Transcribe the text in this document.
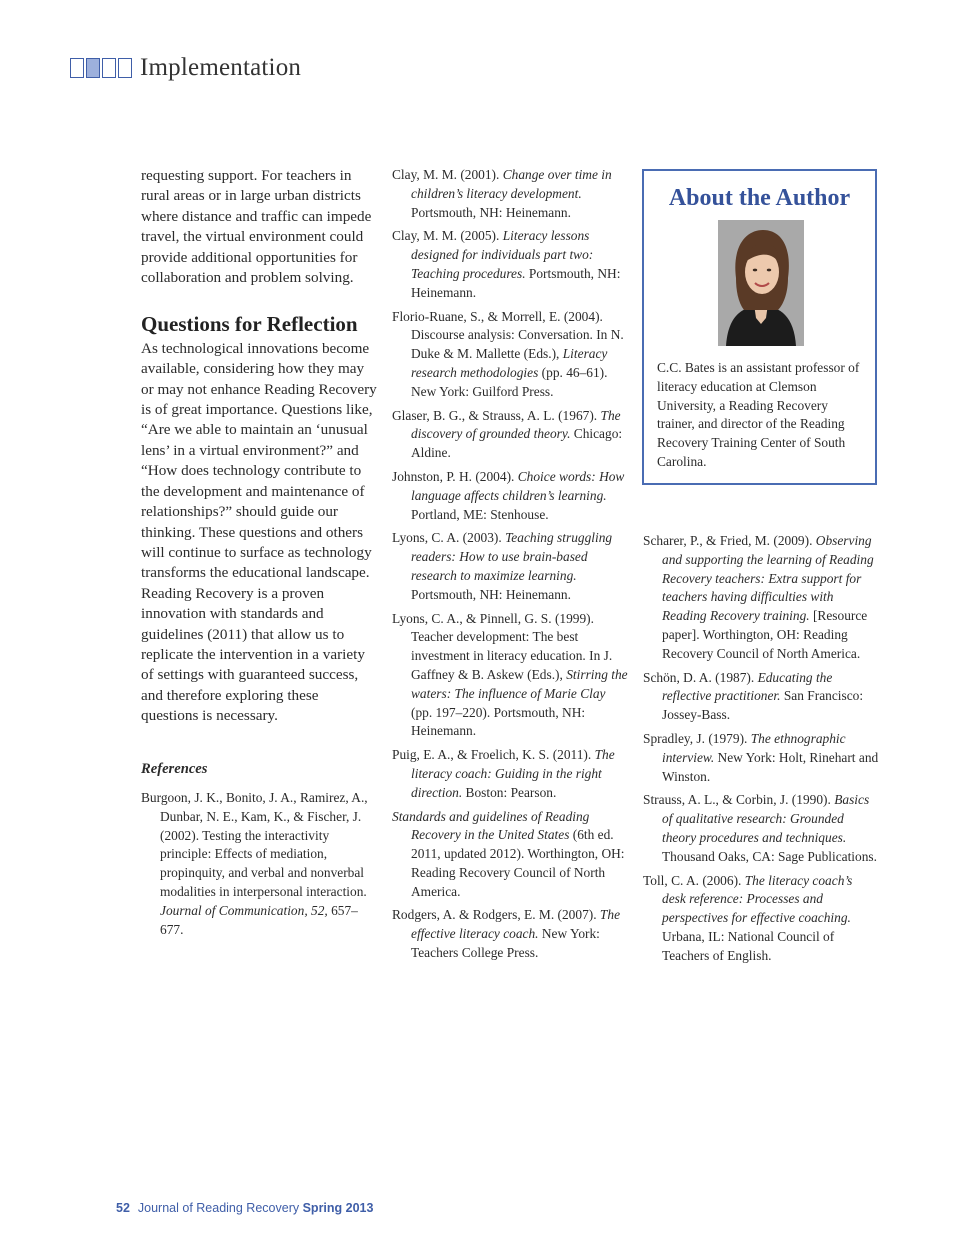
Implementation

requesting support. For teachers in rural areas or in large urban districts where distance and traffic can impede travel, the virtual environment could provide additional opportunities for collaboration and problem solving.

Questions for Reflection

As technological innovations become available, considering how they may or may not enhance Reading Recovery is of great importance. Questions like, “Are we able to maintain an ‘unusual lens’ in a virtual environment?” and “How does technology contribute to the development and maintenance of relationships?” should guide our thinking. These questions and others will continue to surface as technology transforms the educational landscape. Reading Recovery is a proven innovation with standards and guidelines (2011) that allow us to replicate the intervention in a variety of settings with guaranteed success, and therefore exploring these questions is necessary.

References
Burgoon, J. K., Bonito, J. A., Ramirez, A., Dunbar, N. E., Kam, K., & Fischer, J. (2002). Testing the interactivity principle: Effects of mediation, propinquity, and verbal and nonverbal modalities in interpersonal interaction. Journal of Communication, 52, 657–677.
Clay, M. M. (2001). Change over time in children’s literacy development. Portsmouth, NH: Heinemann.
Clay, M. M. (2005). Literacy lessons designed for individuals part two: Teaching procedures. Portsmouth, NH: Heinemann.
Florio-Ruane, S., & Morrell, E. (2004). Discourse analysis: Conversation. In N. Duke & M. Mallette (Eds.), Literacy research methodologies (pp. 46–61). New York: Guilford Press.
Glaser, B. G., & Strauss, A. L. (1967). The discovery of grounded theory. Chicago: Aldine.
Johnston, P. H. (2004). Choice words: How language affects children’s learning. Portland, ME: Stenhouse.
Lyons, C. A. (2003). Teaching struggling readers: How to use brain-based research to maximize learning. Portsmouth, NH: Heinemann.
Lyons, C. A., & Pinnell, G. S. (1999). Teacher development: The best investment in literacy education. In J. Gaffney & B. Askew (Eds.), Stirring the waters: The influence of Marie Clay (pp. 197–220). Portsmouth, NH: Heinemann.
Puig, E. A., & Froelich, K. S. (2011). The literacy coach: Guiding in the right direction. Boston: Pearson.
Standards and guidelines of Reading Recovery in the United States (6th ed. 2011, updated 2012). Worthington, OH: Reading Recovery Council of North America.
Rodgers, A. & Rodgers, E. M. (2007). The effective literacy coach. New York: Teachers College Press.
About the Author
C.C. Bates is an assistant professor of literacy education at Clemson University, a Reading Recovery trainer, and director of the Reading Recovery Training Center of South Carolina.
Scharer, P., & Fried, M. (2009). Observing and supporting the learning of Reading Recovery teachers: Extra support for teachers having difficulties with Reading Recovery training. [Resource paper]. Worthington, OH: Reading Recovery Council of North America.
Schön, D. A. (1987). Educating the reflective practitioner. San Francisco: Jossey-Bass.
Spradley, J. (1979). The ethnographic interview. New York: Holt, Rinehart and Winston.
Strauss, A. L., & Corbin, J. (1990). Basics of qualitative research: Grounded theory procedures and techniques. Thousand Oaks, CA: Sage Publications.
Toll, C. A. (2006). The literacy coach’s desk reference: Processes and perspectives for effective coaching. Urbana, IL: National Council of Teachers of English.
52 Journal of Reading Recovery Spring 2013
